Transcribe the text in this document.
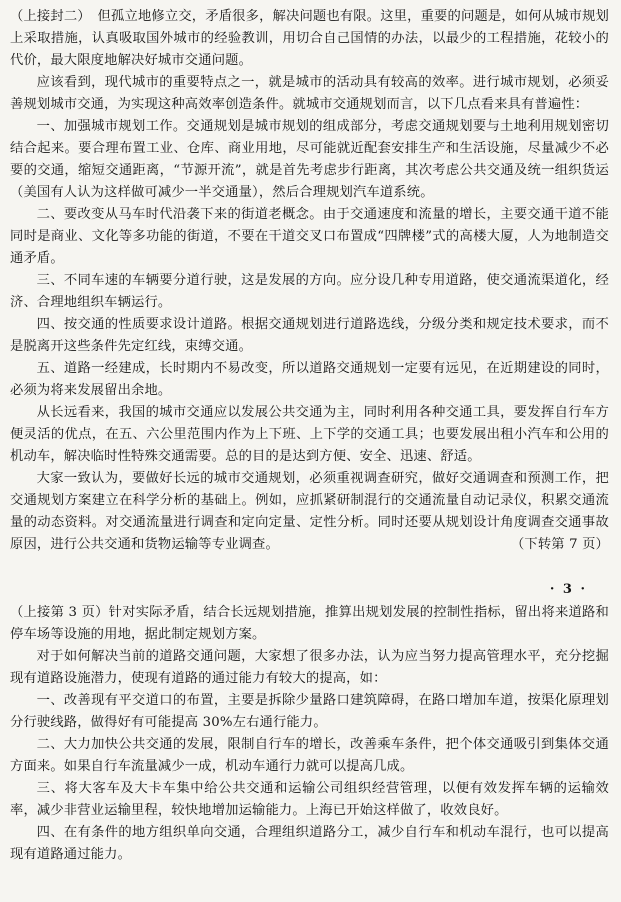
（上接封二）　但孤立地修立交，矛盾很多，解决问题也有限。这里，重要的问题是，如何从城市规划上采取措施，认真吸取国外城市的经验教训，用切合自己国情的办法，以最少的工程措施，花较小的代价，最大限度地解决好城市交通问题。

应该看到，现代城市的重要特点之一，就是城市的活动具有较高的效率。进行城市规划，必须妥善规划城市交通，为实现这种高效率创造条件。就城市交通规划而言，以下几点看来具有普遍性：

一、加强城市规划工作。交通规划是城市规划的组成部分，考虑交通规划要与土地利用规划密切结合起来。要合理布置工业、仓库、商业用地，尽可能就近配套安排生产和生活设施，尽量减少不必要的交通，缩短交通距离，“节源开流”，就是首先考虑步行距离，其次考虑公共交通及统一组织货运（美国有人认为这样做可减少一半交通量），然后合理规划汽车道系统。

二、要改变从马车时代沿袭下来的街道老概念。由于交通速度和流量的增长，主要交通干道不能同时是商业、文化等多功能的街道，不要在干道交叉口布置成“四牌楼”式的高楼大厦，人为地制造交通矛盾。

三、不同车速的车辆要分道行驶，这是发展的方向。应分设几种专用道路，使交通流渠道化，经济、合理地组织车辆运行。

四、按交通的性质要求设计道路。根据交通规划进行道路选线，分级分类和规定技术要求，而不是脱离开这些条件先定红线，束缚交通。

五、道路一经建成，长时期内不易改变，所以道路交通规划一定要有远见，在近期建设的同时，必须为将来发展留出余地。

从长远看来，我国的城市交通应以发展公共交通为主，同时利用各种交通工具，要发挥自行车方便灵活的优点，在五、六公里范围内作为上下班、上下学的交通工具；也要发展出租小汽车和公用的机动车，解决临时性特殊交通需要。总的目的是达到方便、安全、迅速、舒适。

大家一致认为，要做好长远的城市交通规划，必须重视调查研究，做好交通调查和预测工作，把交通规划方案建立在科学分析的基础上。例如，应抓紧研制混行的交通流量自动记录仪，积累交通流量的动态资料。对交通流量进行调查和定向定量、定性分析。同时还要从规划设计角度调查交通事故原因，进行公共交通和货物运输等专业调查。	（下转第 7 页）

· 3 ·

（上接第 3 页）针对实际矛盾，结合长远规划措施，推算出规划发展的控制性指标，留出将来道路和停车场等设施的用地，据此制定规划方案。

对于如何解决当前的道路交通问题，大家想了很多办法，认为应当努力提高管理水平，充分挖掘现有道路设施潜力，使现有道路的通过能力有较大的提高，如：

一、改善现有平交道口的布置，主要是拆除少量路口建筑障碍，在路口增加车道，按渠化原理划分行驶线路，做得好有可能提高 30%左右通行能力。

二、大力加快公共交通的发展，限制自行车的增长，改善乘车条件，把个体交通吸引到集体交通方面来。如果自行车流量减少一成，机动车通行力就可以提高几成。

三、将大客车及大卡车集中给公共交通和运输公司组织经营管理，以便有效发挥车辆的运输效率，减少非营业运输里程，较快地增加运输能力。上海已开始这样做了，收效良好。

四、在有条件的地方组织单向交通，合理组织道路分工，减少自行车和机动车混行，也可以提高现有道路通过能力。
